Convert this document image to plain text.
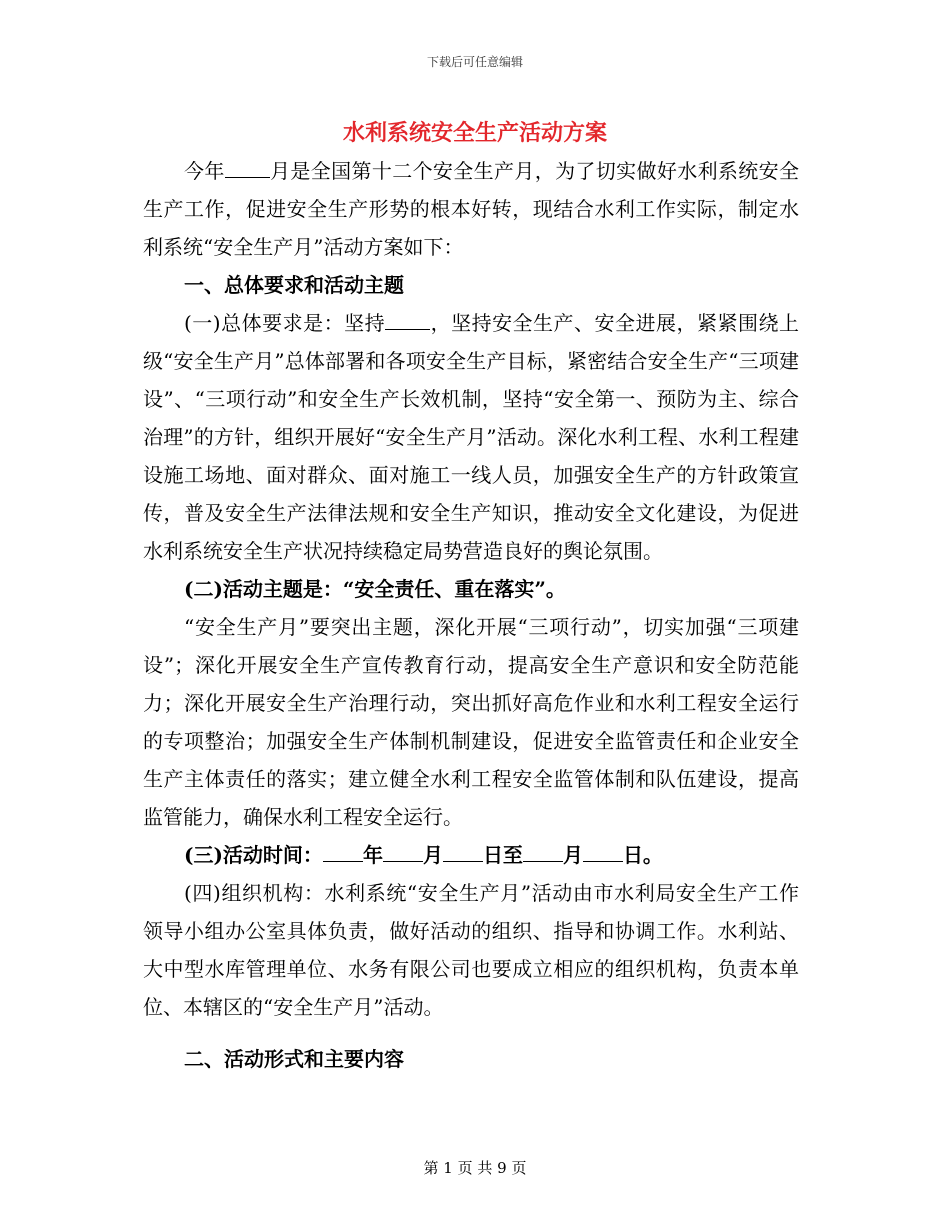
下载后可任意编辑
水利系统安全生产活动方案

今年 月是全国第十二个安全生产月，为了切实做好水利系统安全生产工作，促进安全生产形势的根本好转，现结合水利工作实际，制定水利系统“安全生产月”活动方案如下：

一、总体要求和活动主题

(一)总体要求是：坚持 ，坚持安全生产、安全进展，紧紧围绕上级“安全生产月”总体部署和各项安全生产目标，紧密结合安全生产“三项建设”、“三项行动”和安全生产长效机制，坚持“安全第一、预防为主、综合治理”的方针，组织开展好“安全生产月”活动。深化水利工程、水利工程建设施工场地、面对群众、面对施工一线人员，加强安全生产的方针政策宣传，普及安全生产法律法规和安全生产知识，推动安全文化建设，为促进水利系统安全生产状况持续稳定局势营造良好的舆论氛围。

(二)活动主题是：“安全责任、重在落实”。

“安全生产月”要突出主题，深化开展“三项行动”，切实加强“三项建设”；深化开展安全生产宣传教育行动，提高安全生产意识和安全防范能力；深化开展安全生产治理行动，突出抓好高危作业和水利工程安全运行的专项整治；加强安全生产体制机制建设，促进安全监管责任和企业安全生产主体责任的落实；建立健全水利工程安全监管体制和队伍建设，提高监管能力，确保水利工程安全运行。

(三)活动时间： 年 月 日至 月 日。

(四)组织机构：水利系统“安全生产月”活动由市水利局安全生产工作领导小组办公室具体负责，做好活动的组织、指导和协调工作。水利站、大中型水库管理单位、水务有限公司也要成立相应的组织机构，负责本单位、本辖区的“安全生产月”活动。

二、活动形式和主要内容
第 1 页 共 9 页
